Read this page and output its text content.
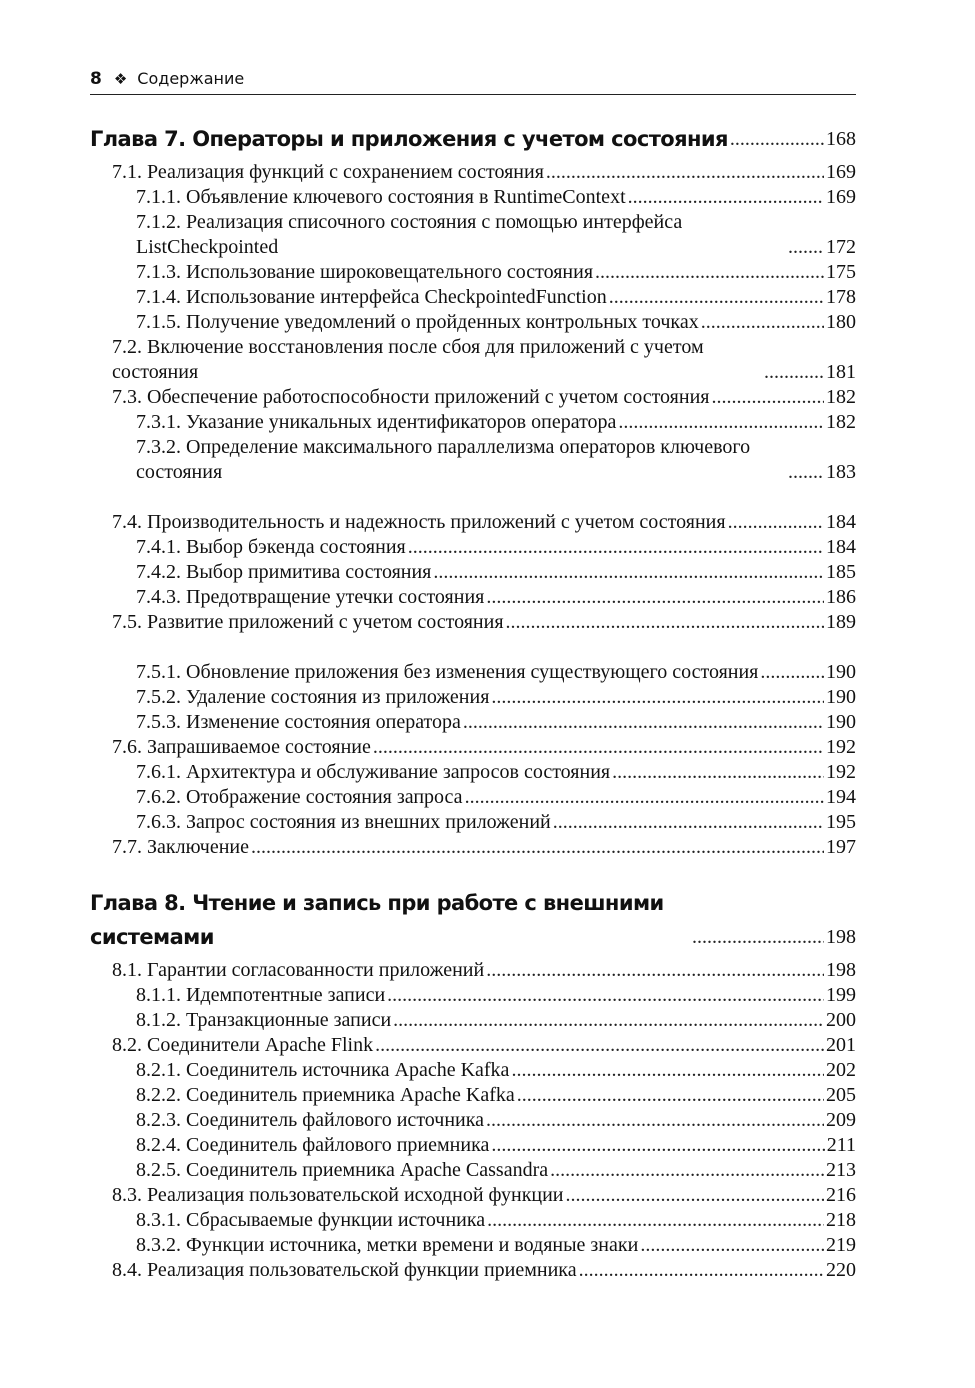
8 ❖ Содержание
Глава 7. Операторы и приложения с учетом состояния . . .	168
7.1. Реализация функций с сохранением состояния . . .	169
7.1.1. Объявление ключевого состояния в RuntimeContext . . .	169
7.1.2. Реализация списочного состояния с помощью интерфейса ListCheckpointed . . .	172
7.1.3. Использование широковещательного состояния . . .	175
7.1.4. Использование интерфейса CheckpointedFunction . . .	178
7.1.5. Получение уведомлений о пройденных контрольных точках . . .	180
7.2. Включение восстановления после сбоя для приложений с учетом состояния . . .	181
7.3. Обеспечение работоспособности приложений с учетом состояния . . .	182
7.3.1. Указание уникальных идентификаторов оператора . . .	182
7.3.2. Определение максимального параллелизма операторов ключевого состояния . . .	183
7.4. Производительность и надежность приложений с учетом состояния . . .	184
7.4.1. Выбор бэкенда состояния . . .	184
7.4.2. Выбор примитива состояния . . .	185
7.4.3. Предотвращение утечки состояния . . .	186
7.5. Развитие приложений с учетом состояния . . .	189
7.5.1. Обновление приложения без изменения существующего состояния . . .	190
7.5.2. Удаление состояния из приложения . . .	190
7.5.3. Изменение состояния оператора . . .	190
7.6. Запрашиваемое состояние . . .	192
7.6.1. Архитектура и обслуживание запросов состояния . . .	192
7.6.2. Отображение состояния запроса . . .	194
7.6.3. Запрос состояния из внешних приложений . . .	195
7.7. Заключение . . .	197
Глава 8. Чтение и запись при работе с внешними системами . . .	198
8.1. Гарантии согласованности приложений . . .	198
8.1.1. Идемпотентные записи . . .	199
8.1.2. Транзакционные записи . . .	200
8.2. Соединители Apache Flink . . .	201
8.2.1. Соединитель источника Apache Kafka . . .	202
8.2.2. Соединитель приемника Apache Kafka . . .	205
8.2.3. Соединитель файлового источника . . .	209
8.2.4. Соединитель файлового приемника . . .	211
8.2.5. Соединитель приемника Apache Cassandra . . .	213
8.3. Реализация пользовательской исходной функции . . .	216
8.3.1. Сбрасываемые функции источника . . .	218
8.3.2. Функции источника, метки времени и водяные знаки . . .	219
8.4. Реализация пользовательской функции приемника . . .	220
